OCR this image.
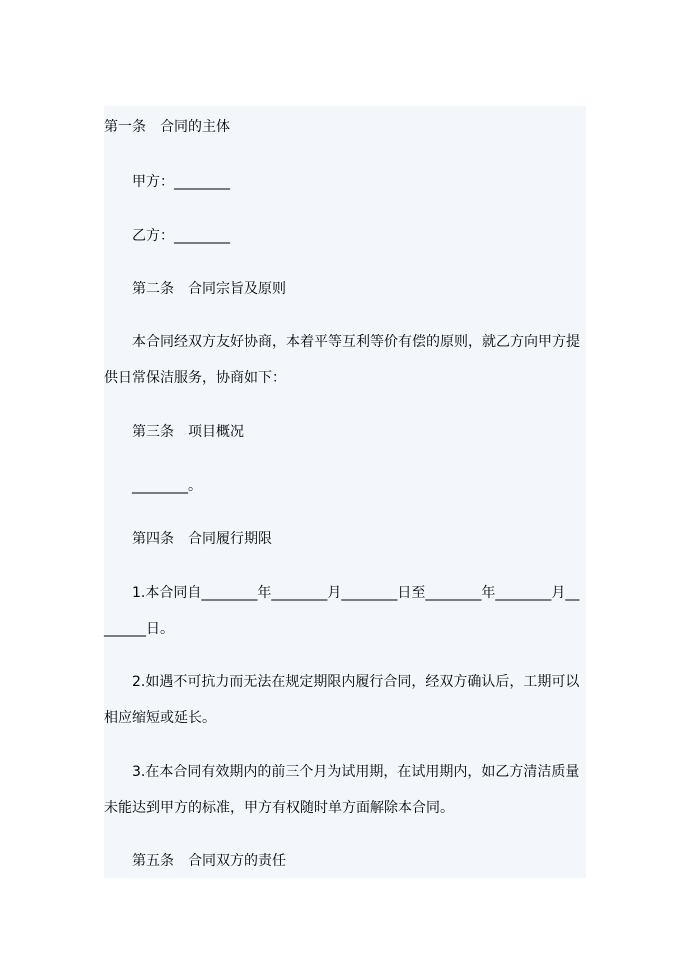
第一条 合同的主体

甲方：________

乙方：________

第二条 合同宗旨及原则

本合同经双方友好协商，本着平等互利等价有偿的原则，就乙方向甲方提

供日常保洁服务，协商如下：

第三条 项目概况

________。

第四条 合同履行期限

1.本合同自________年________月________日至________年________月__

______日。

2.如遇不可抗力而无法在规定期限内履行合同，经双方确认后，工期可以

相应缩短或延长。

3.在本合同有效期内的前三个月为试用期，在试用期内，如乙方清洁质量

未能达到甲方的标准，甲方有权随时单方面解除本合同。

第五条 合同双方的责任
